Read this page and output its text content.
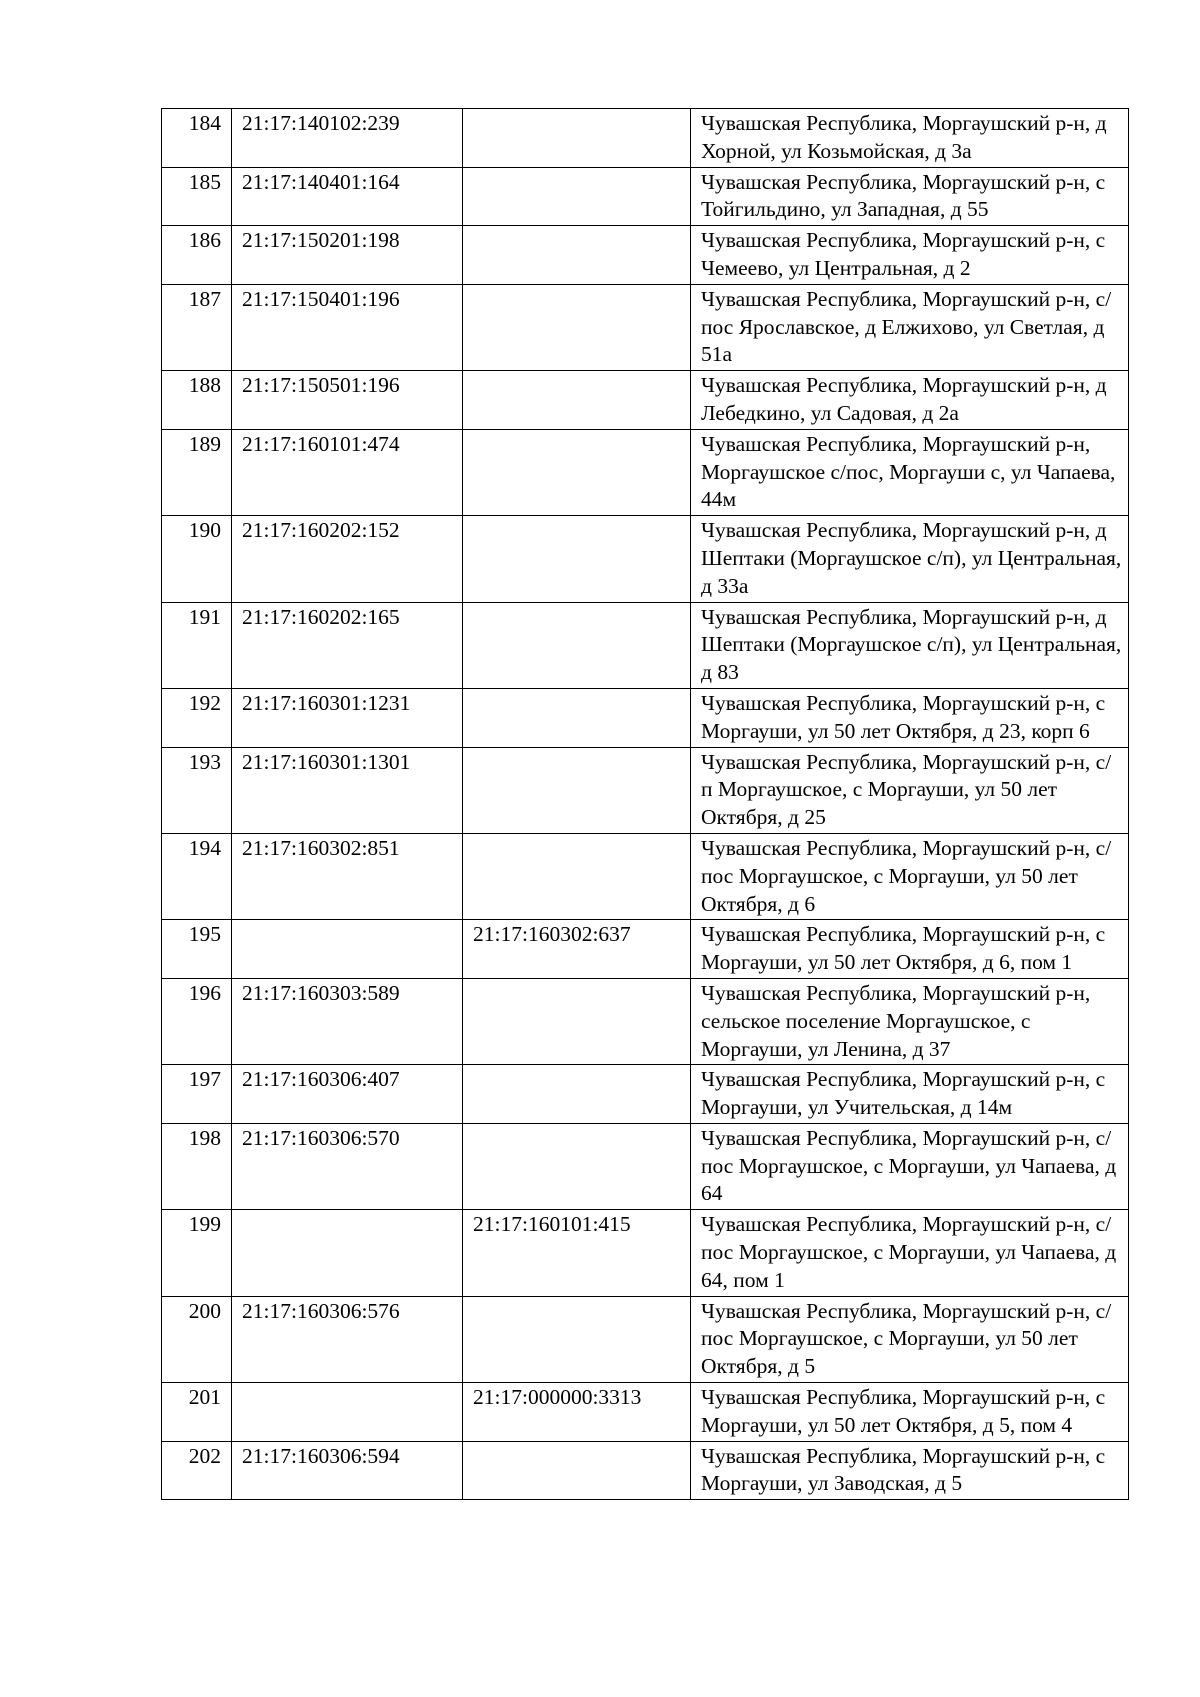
184	21:17:140102:239		Чувашская Республика, Моргаушский р-н, д Хорной, ул Козьмойская, д 3а
185	21:17:140401:164		Чувашская Республика, Моргаушский р-н, с Тойгильдино, ул Западная, д 55
186	21:17:150201:198		Чувашская Республика, Моргаушский р-н, с Чемеево, ул Центральная, д 2
187	21:17:150401:196		Чувашская Республика, Моргаушский р-н, с/пос Ярославское, д Елжихово, ул Светлая, д 51а
188	21:17:150501:196		Чувашская Республика, Моргаушский р-н, д Лебедкино, ул Садовая, д 2а
189	21:17:160101:474		Чувашская Республика, Моргаушский р-н, Моргаушское с/пос, Моргауши с, ул Чапаева, 44м
190	21:17:160202:152		Чувашская Республика, Моргаушский р-н, д Шептаки (Моргаушское с/п), ул Центральная, д 33а
191	21:17:160202:165		Чувашская Республика, Моргаушский р-н, д Шептаки (Моргаушское с/п), ул Центральная, д 83
192	21:17:160301:1231		Чувашская Республика, Моргаушский р-н, с Моргауши, ул 50 лет Октября, д 23, корп 6
193	21:17:160301:1301		Чувашская Республика, Моргаушский р-н, с/п Моргаушское, с Моргауши, ул 50 лет Октября, д 25
194	21:17:160302:851		Чувашская Республика, Моргаушский р-н, с/пос Моргаушское, с Моргауши, ул 50 лет Октября, д 6
195		21:17:160302:637	Чувашская Республика, Моргаушский р-н, с Моргауши, ул 50 лет Октября, д 6, пом 1
196	21:17:160303:589		Чувашская Республика, Моргаушский р-н, сельское поселение Моргаушское, с Моргауши, ул Ленина, д 37
197	21:17:160306:407		Чувашская Республика, Моргаушский р-н, с Моргауши, ул Учительская, д 14м
198	21:17:160306:570		Чувашская Республика, Моргаушский р-н, с/пос Моргаушское, с Моргауши, ул Чапаева, д 64
199		21:17:160101:415	Чувашская Республика, Моргаушский р-н, с/пос Моргаушское, с Моргауши, ул Чапаева, д 64, пом 1
200	21:17:160306:576		Чувашская Республика, Моргаушский р-н, с/пос Моргаушское, с Моргауши, ул 50 лет Октября, д 5
201		21:17:000000:3313	Чувашская Республика, Моргаушский р-н, с Моргауши, ул 50 лет Октября, д 5, пом 4
202	21:17:160306:594		Чувашская Республика, Моргаушский р-н, с Моргауши, ул Заводская, д 5
